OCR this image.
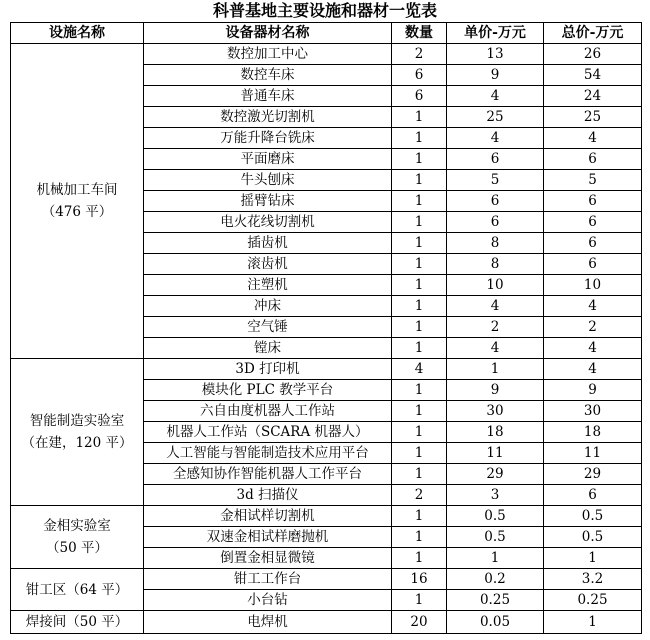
科普基地主要设施和器材一览表
设施名称	设备器材名称	数量	单价-万元	总价-万元

机械加工车间
（476 平）	数控加工中心	2	13	26
	数控车床	6	9	54
	普通车床	6	4	24
	数控激光切割机	1	25	25
	万能升降台铣床	1	4	4
	平面磨床	1	6	6
	牛头刨床	1	5	5
	摇臂钻床	1	6	6
	电火花线切割机	1	6	6
	插齿机	1	8	6
	滚齿机	1	8	6
	注塑机	1	10	10
	冲床	1	4	4
	空气锤	1	2	2
	镗床	1	4	4

智能制造实验室
（在建，120 平）	3D 打印机	4	1	4
	模块化 PLC 教学平台	1	9	9
	六自由度机器人工作站	1	30	30
	机器人工作站（SCARA 机器人）	1	18	18
	人工智能与智能制造技术应用平台	1	11	11
	全感知协作智能机器人工作平台	1	29	29
	3d 扫描仪	2	3	6

金相实验室
（50 平）	金相试样切割机	1	0.5	0.5
	双速金相试样磨抛机	1	0.5	0.5
	倒置金相显微镜	1	1	1

钳工区（64 平）	钳工工作台	16	0.2	3.2
	小台钻	1	0.25	0.25

焊接间（50 平）	电焊机	20	0.05	1
